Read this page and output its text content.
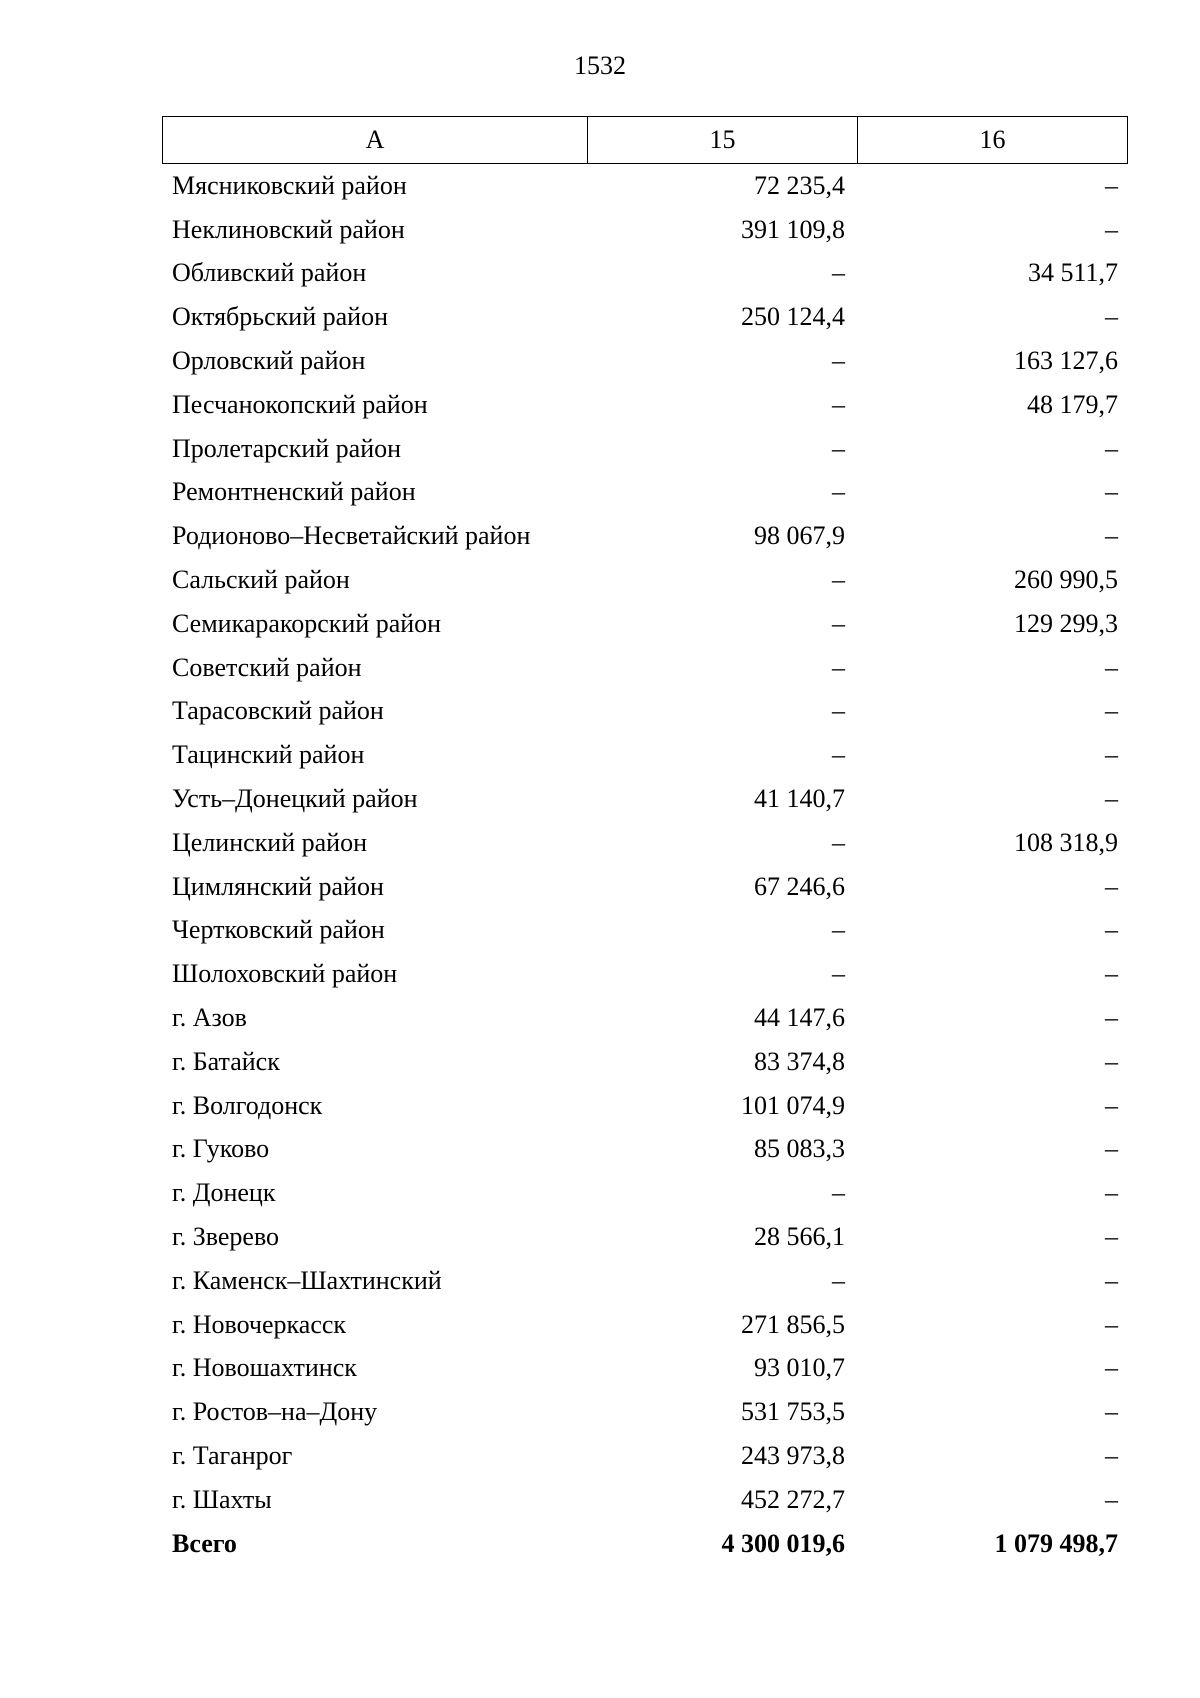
1532
А	15	16
Мясниковский район	72 235,4	–
Неклиновский район	391 109,8	–
Обливский район	–	34 511,7
Октябрьский район	250 124,4	–
Орловский район	–	163 127,6
Песчанокопский район	–	48 179,7
Пролетарский район	–	–
Ремонтненский район	–	–
Родионово–Несветайский район	98 067,9	–
Сальский район	–	260 990,5
Семикаракорский район	–	129 299,3
Советский район	–	–
Тарасовский район	–	–
Тацинский район	–	–
Усть–Донецкий район	41 140,7	–
Целинский район	–	108 318,9
Цимлянский район	67 246,6	–
Чертковский район	–	–
Шолоховский район	–	–
г. Азов	44 147,6	–
г. Батайск	83 374,8	–
г. Волгодонск	101 074,9	–
г. Гуково	85 083,3	–
г. Донецк	–	–
г. Зверево	28 566,1	–
г. Каменск–Шахтинский	–	–
г. Новочеркасск	271 856,5	–
г. Новошахтинск	93 010,7	–
г. Ростов–на–Дону	531 753,5	–
г. Таганрог	243 973,8	–
г. Шахты	452 272,7	–
Всего	4 300 019,6	1 079 498,7
